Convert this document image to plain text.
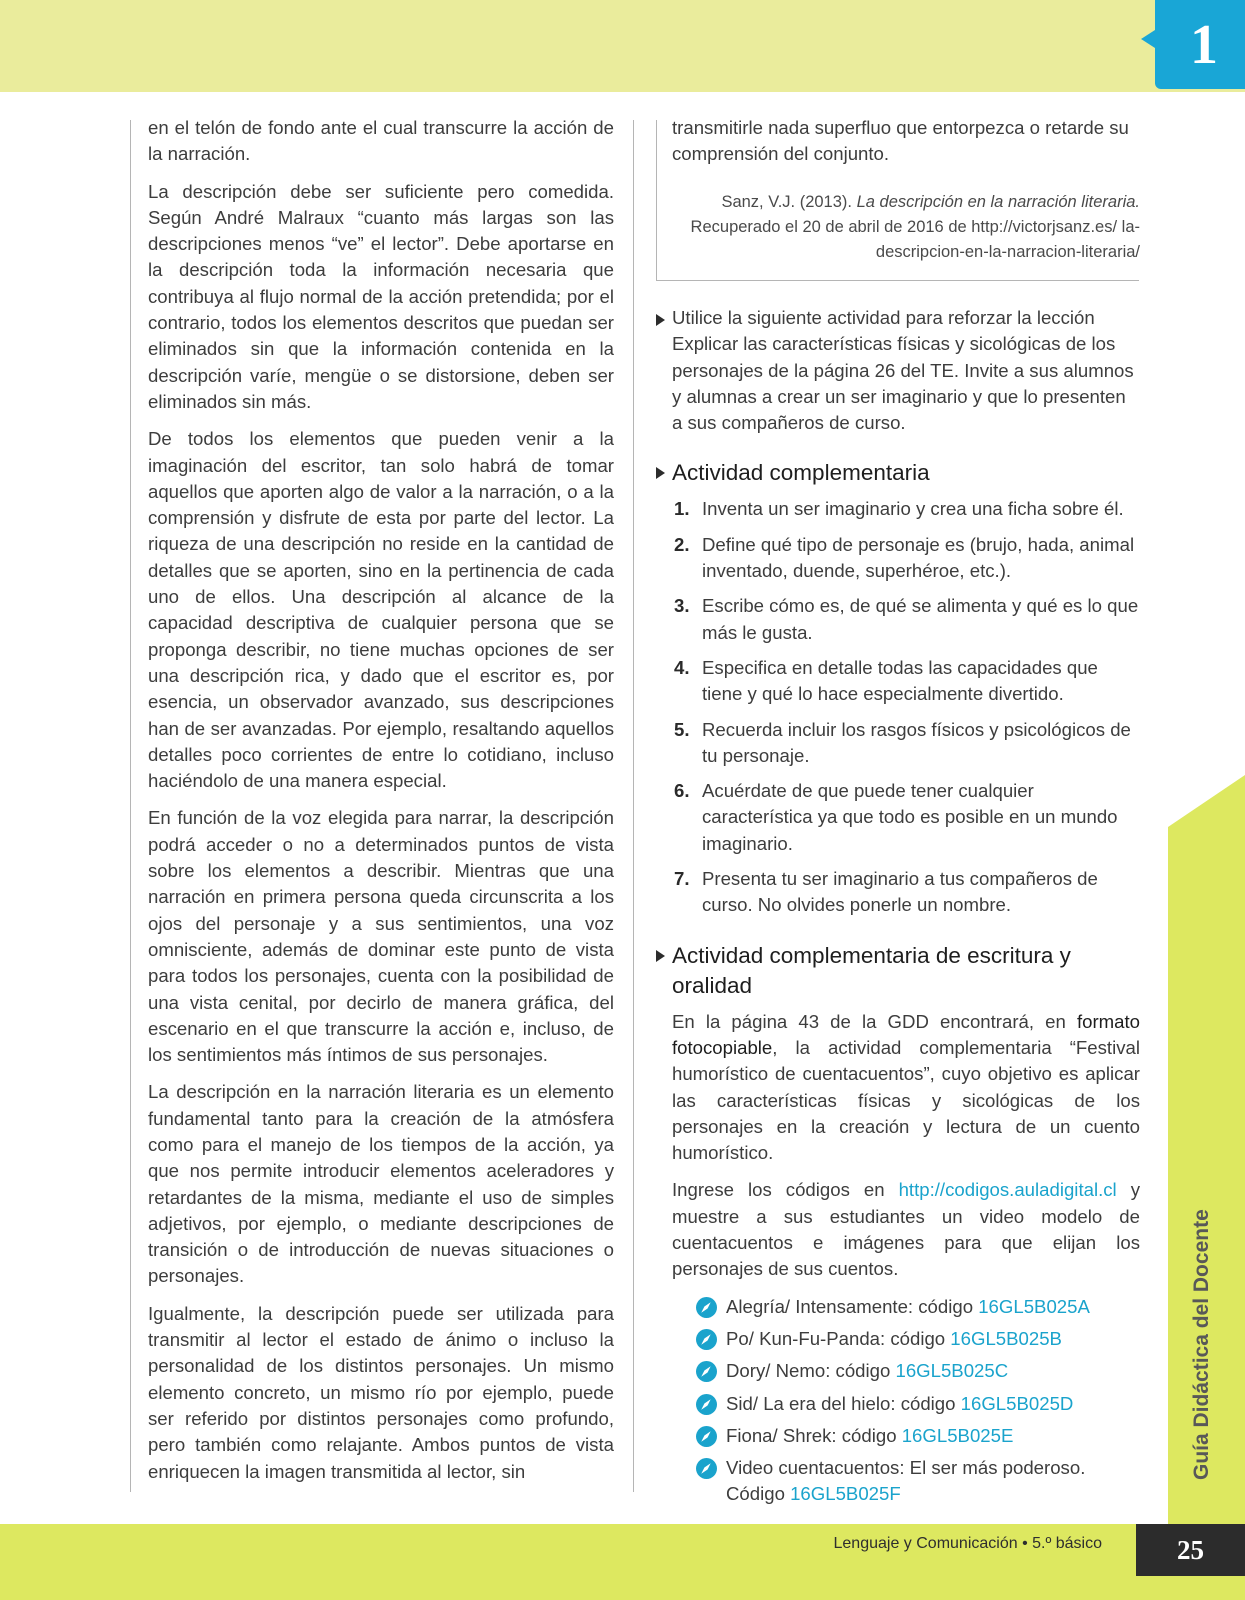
1
Guía Didáctica del Docente
Lenguaje y Comunicación • 5.º básico	25

en el telón de fondo ante el cual transcurre la acción de la narración.

La descripción debe ser suficiente pero comedida. Según André Malraux “cuanto más largas son las descripciones menos “ve” el lector”. Debe aportarse en la descripción toda la información necesaria que contribuya al flujo normal de la acción pretendida; por el contrario, todos los elementos descritos que puedan ser eliminados sin que la información contenida en la descripción varíe, mengüe o se distorsione, deben ser eliminados sin más.

De todos los elementos que pueden venir a la imaginación del escritor, tan solo habrá de tomar aquellos que aporten algo de valor a la narración, o a la comprensión y disfrute de esta por parte del lector. La riqueza de una descripción no reside en la cantidad de detalles que se aporten, sino en la pertinencia de cada uno de ellos. Una descripción al alcance de la capacidad descriptiva de cualquier persona que se proponga describir, no tiene muchas opciones de ser una descripción rica, y dado que el escritor es, por esencia, un observador avanzado, sus descripciones han de ser avanzadas. Por ejemplo, resaltando aquellos detalles poco corrientes de entre lo cotidiano, incluso haciéndolo de una manera especial.

En función de la voz elegida para narrar, la descripción podrá acceder o no a determinados puntos de vista sobre los elementos a describir. Mientras que una narración en primera persona queda circunscrita a los ojos del personaje y a sus sentimientos, una voz omnisciente, además de dominar este punto de vista para todos los personajes, cuenta con la posibilidad de una vista cenital, por decirlo de manera gráfica, del escenario en el que transcurre la acción e, incluso, de los sentimientos más íntimos de sus personajes.

La descripción en la narración literaria es un elemento fundamental tanto para la creación de la atmósfera como para el manejo de los tiempos de la acción, ya que nos permite introducir elementos aceleradores y retardantes de la misma, mediante el uso de simples adjetivos, por ejemplo, o mediante descripciones de transición o de introducción de nuevas situaciones o personajes.

Igualmente, la descripción puede ser utilizada para transmitir al lector el estado de ánimo o incluso la personalidad de los distintos personajes. Un mismo elemento concreto, un mismo río por ejemplo, puede ser referido por distintos personajes como profundo, pero también como relajante. Ambos puntos de vista enriquecen la imagen transmitida al lector, sin

transmitirle nada superfluo que entorpezca o retarde su comprensión del conjunto.

Sanz, V.J. (2013). La descripción en la narración literaria.
Recuperado el 20 de abril de 2016 de http://victorjsanz.es/ la-descripcion-en-la-narracion-literaria/
Utilice la siguiente actividad para reforzar la lección Explicar las características físicas y sicológicas de los personajes de la página 26 del TE. Invite a sus alumnos y alumnas a crear un ser imaginario y que lo presenten a sus compañeros de curso.
Actividad complementaria
1. Inventa un ser imaginario y crea una ficha sobre él.
2. Define qué tipo de personaje es (brujo, hada, animal inventado, duende, superhéroe, etc.).
3. Escribe cómo es, de qué se alimenta y qué es lo que más le gusta.
4. Especifica en detalle todas las capacidades que tiene y qué lo hace especialmente divertido.
5. Recuerda incluir los rasgos físicos y psicológicos de tu personaje.
6. Acuérdate de que puede tener cualquier característica ya que todo es posible en un mundo imaginario.
7. Presenta tu ser imaginario a tus compañeros de curso. No olvides ponerle un nombre.
Actividad complementaria de escritura y oralidad
En la página 43 de la GDD encontrará, en formato fotocopiable, la actividad complementaria “Festival humorístico de cuentacuentos”, cuyo objetivo es aplicar las características físicas y sicológicas de los personajes en la creación y lectura de un cuento humorístico.
Ingrese los códigos en http://codigos.auladigital.cl y muestre a sus estudiantes un video modelo de cuentacuentos e imágenes para que elijan los personajes de sus cuentos.
Alegría/ Intensamente: código 16GL5B025A
Po/ Kun-Fu-Panda: código 16GL5B025B
Dory/ Nemo: código 16GL5B025C
Sid/ La era del hielo: código 16GL5B025D
Fiona/ Shrek: código 16GL5B025E
Video cuentacuentos: El ser más poderoso. Código 16GL5B025F
